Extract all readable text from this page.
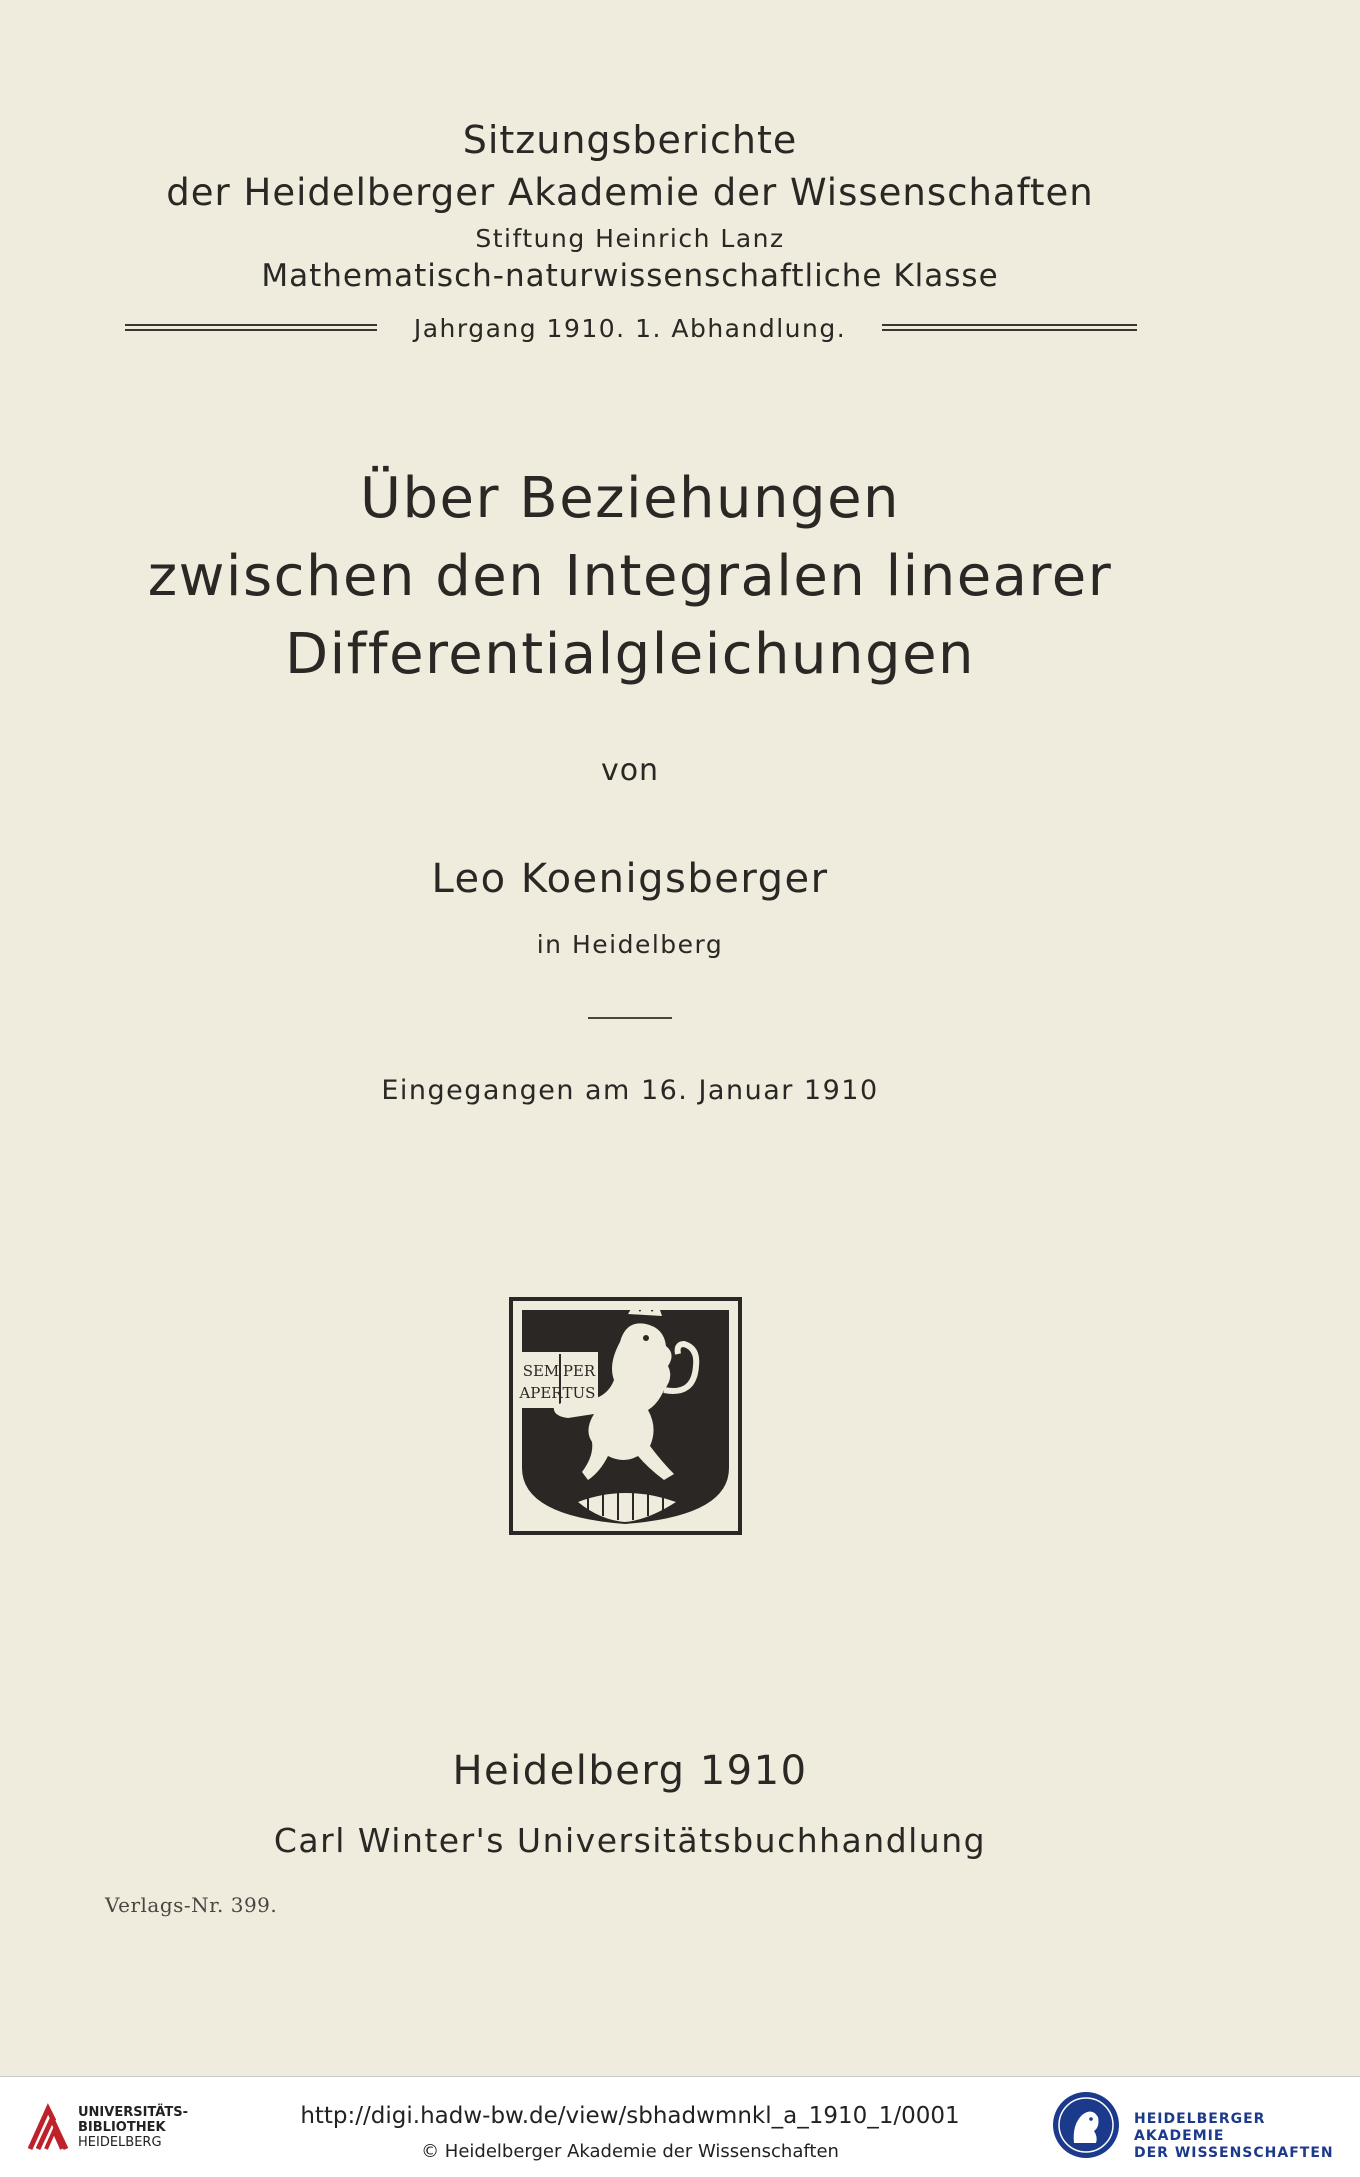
Sitzungsberichte
der Heidelberger Akademie der Wissenschaften
Stiftung Heinrich Lanz
Mathematisch-naturwissenschaftliche Klasse
Jahrgang 1910. 1. Abhandlung.
Über Beziehungen
zwischen den Integralen linearer
Differentialgleichungen
von
Leo Koenigsberger
in Heidelberg
Eingegangen am 16. Januar 1910
SEM PER
APER TUS
Heidelberg 1910
Carl Winter's Universitätsbuchhandlung
Verlags-Nr. 399.
UNIVERSITÄTS-
BIBLIOTHEK
HEIDELBERG
http://digi.hadw-bw.de/view/sbhadwmnkl_a_1910_1/0001
© Heidelberger Akademie der Wissenschaften
HEIDELBERGER AKADEMIE
DER WISSENSCHAFTEN
